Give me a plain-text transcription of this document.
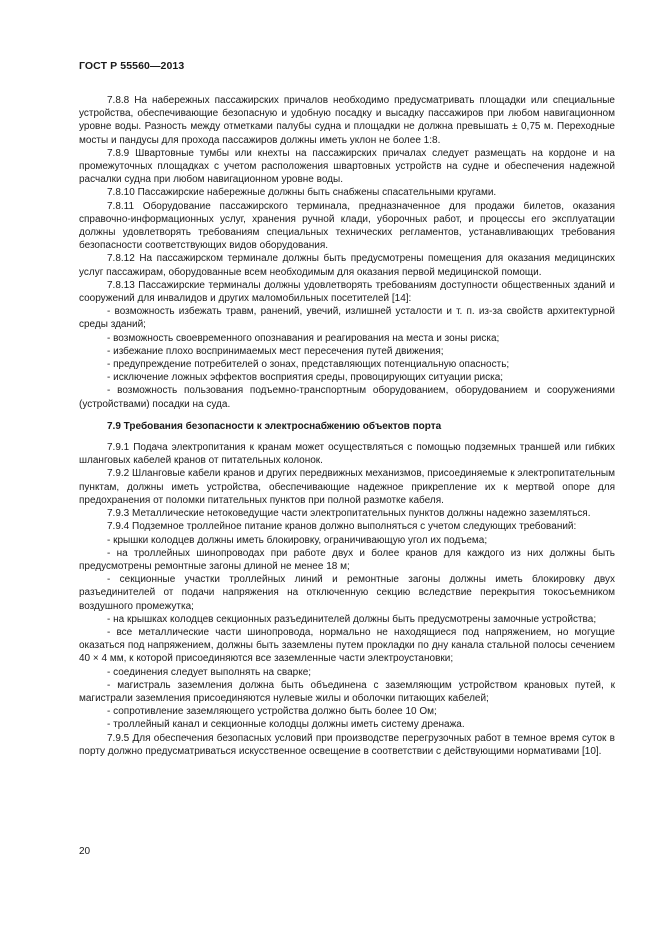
ГОСТ Р 55560—2013

7.8.8 На набережных пассажирских причалов необходимо предусматривать площадки или специальные устройства, обеспечивающие безопасную и удобную посадку и высадку пассажиров при любом навигационном уровне воды. Разность между отметками палубы судна и площадки не должна превышать ± 0,75 м. Переходные мосты и пандусы для прохода пассажиров должны иметь уклон не более 1:8.

7.8.9 Швартовные тумбы или кнехты на пассажирских причалах следует размещать на кордоне и на промежуточных площадках с учетом расположения швартовных устройств на судне и обеспечения надежной расчалки судна при любом навигационном уровне воды.

7.8.10 Пассажирские набережные должны быть снабжены спасательными кругами.

7.8.11 Оборудование пассажирского терминала, предназначенное для продажи билетов, оказания справочно-информационных услуг, хранения ручной клади, уборочных работ, и процессы его эксплуатации должны удовлетворять требованиям специальных технических регламентов, устанавливающих требования безопасности соответствующих видов оборудования.

7.8.12 На пассажирском терминале должны быть предусмотрены помещения для оказания медицинских услуг пассажирам, оборудованные всем необходимым для оказания первой медицинской помощи.

7.8.13 Пассажирские терминалы должны удовлетворять требованиям доступности общественных зданий и сооружений для инвалидов и других маломобильных посетителей [14]:

- возможность избежать травм, ранений, увечий, излишней усталости и т. п. из-за свойств архитектурной среды зданий;

- возможность своевременного опознавания и реагирования на места и зоны риска;

- избежание плохо воспринимаемых мест пересечения путей движения;

- предупреждение потребителей о зонах, представляющих потенциальную опасность;

- исключение ложных эффектов восприятия среды, провоцирующих ситуации риска;

- возможность пользования подъемно-транспортным оборудованием, оборудованием и сооружениями (устройствами) посадки на суда.

7.9 Требования безопасности к электроснабжению объектов порта

7.9.1 Подача электропитания к кранам может осуществляться с помощью подземных траншей или гибких шланговых кабелей кранов от питательных колонок.

7.9.2 Шланговые кабели кранов и других передвижных механизмов, присоединяемые к электропитательным пунктам, должны иметь устройства, обеспечивающие надежное прикрепление их к мертвой опоре для предохранения от поломки питательных пунктов при полной размотке кабеля.

7.9.3 Металлические нетоковедущие части электропитательных пунктов должны надежно заземляться.

7.9.4 Подземное троллейное питание кранов должно выполняться с учетом следующих требований:

- крышки колодцев должны иметь блокировку, ограничивающую угол их подъема;

- на троллейных шинопроводах при работе двух и более кранов для каждого из них должны быть предусмотрены ремонтные загоны длиной не менее 18 м;

- секционные участки троллейных линий и ремонтные загоны должны иметь блокировку двух разъединителей от подачи напряжения на отключенную секцию вследствие перекрытия токосъемником воздушного промежутка;

- на крышках колодцев секционных разъединителей должны быть предусмотрены замочные устройства;

- все металлические части шинопровода, нормально не находящиеся под напряжением, но могущие оказаться под напряжением, должны быть заземлены путем прокладки по дну канала стальной полосы сечением 40 × 4 мм, к которой присоединяются все заземленные части электроустановки;

- соединения следует выполнять на сварке;

- магистраль заземления должна быть объединена с заземляющим устройством крановых путей, к магистрали заземления присоединяются нулевые жилы и оболочки питающих кабелей;

- сопротивление заземляющего устройства должно быть более 10 Ом;

- троллейный канал и секционные колодцы должны иметь систему дренажа.

7.9.5 Для обеспечения безопасных условий при производстве перегрузочных работ в темное время суток в порту должно предусматриваться искусственное освещение в соответствии с действующими нормативами [10].

20
